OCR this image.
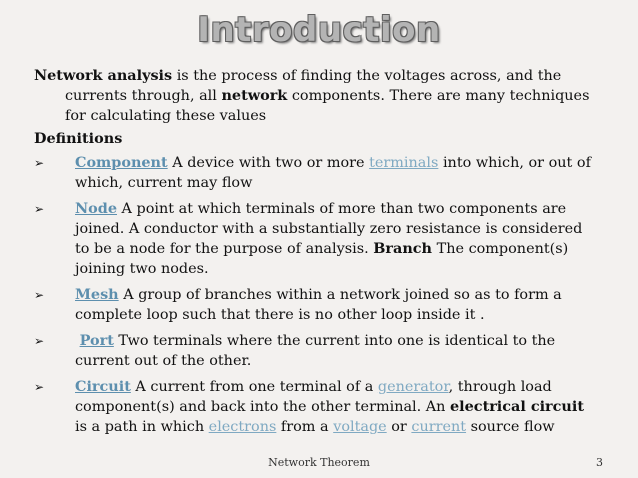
Introduction

Network analysis is the process of finding the voltages across, and the currents through, all network components. There are many techniques for calculating these values

Definitions

➢ Component A device with two or more terminals into which, or out of which, current may flow
➢ Node A point at which terminals of more than two components are joined. A conductor with a substantially zero resistance is considered to be a node for the purpose of analysis. Branch The component(s) joining two nodes.
➢ Mesh A group of branches within a network joined so as to form a complete loop such that there is no other loop inside it .
➢ Port Two terminals where the current into one is identical to the current out of the other.
➢ Circuit A current from one terminal of a generator, through load component(s) and back into the other terminal. An electrical circuit is a path in which electrons from a voltage or current source flow
Network Theorem	3
